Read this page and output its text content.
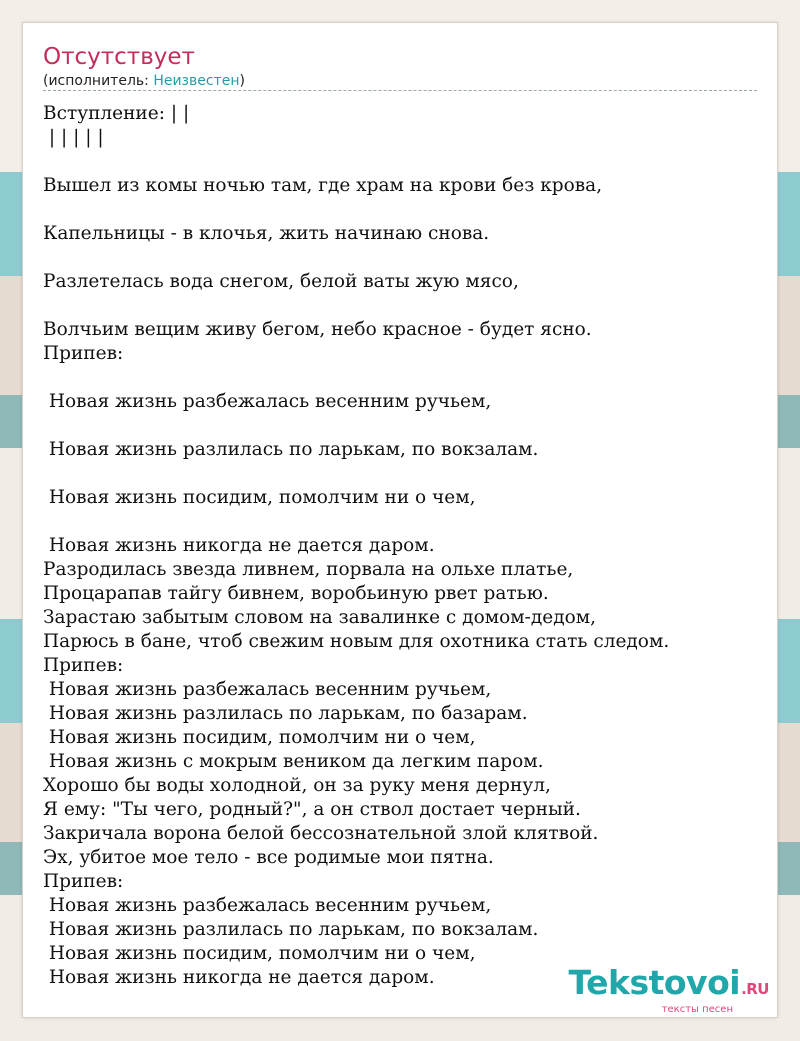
Отсутствует
(исполнитель: Неизвестен)
Вступление: | |
| | | | |
Вышел из комы ночью там, где храм на крови без крова,
Капельницы - в клочья, жить начинаю снова.
Разлетелась вода снегом, белой ваты жую мясо,
Волчьим вещим живу бегом, небо красное - будет ясно.
Припев:
Новая жизнь разбежалась весенним ручьем,
Новая жизнь разлилась по ларькам, по вокзалам.
Новая жизнь посидим, помолчим ни о чем,
Новая жизнь никогда не дается даром.
Разродилась звезда ливнем, порвала на ольхе платье,
Процарапав тайгу бивнем, воробьиную рвет ратью.
Зарастаю забытым словом на завалинке с домом-дедом,
Парюсь в бане, чтоб свежим новым для охотника стать следом.
Припев:
Новая жизнь разбежалась весенним ручьем,
Новая жизнь разлилась по ларькам, по базарам.
Новая жизнь посидим, помолчим ни о чем,
Новая жизнь с мокрым веником да легким паром.
Хорошо бы воды холодной, он за руку меня дернул,
Я ему: "Ты чего, родный?", а он ствол достает черный.
Закричала ворона белой бессознательной злой клятвой.
Эх, убитое мое тело - все родимые мои пятна.
Припев:
Новая жизнь разбежалась весенним ручьем,
Новая жизнь разлилась по ларькам, по вокзалам.
Новая жизнь посидим, помолчим ни о чем,
Новая жизнь никогда не дается даром.	Tekstovoi.RU
тексты песен
